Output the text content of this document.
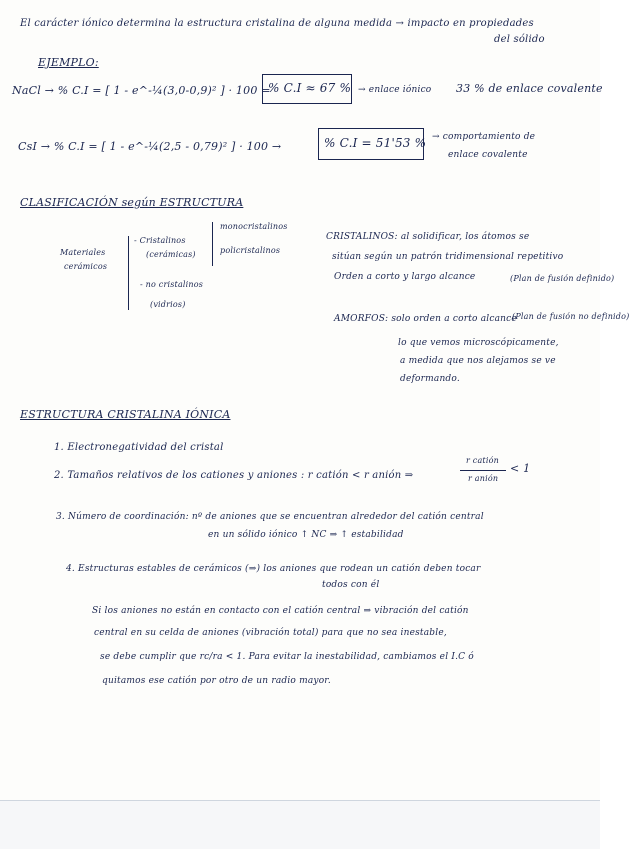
El carácter iónico determina la estructura cristalina de alguna medida → impacto en propiedades
del sólido
EJEMPLO:
NaCl → % C.I = [ 1 - e^-¼(3,0-0,9)² ] · 100 =
% C.I ≈ 67 % → enlace iónico 33 % de enlace covalente
CsI → % C.I = [ 1 - e^-¼(2,5 - 0,79)² ] · 100 →	% C.I = 51'53 % → comportamiento de
enlace covalente
CLASIFICACIÓN según ESTRUCTURA
Materiales
cerámicos
- Cristalinos
(cerámicas)
monocristalinos
policristalinos
- no cristalinos
(vidrios)
CRISTALINOS: al solidificar, los átomos se
sitúan según un patrón tridimensional repetitivo
Orden a corto y largo alcance	(Plan de fusión definido)
AMORFOS: solo orden a corto alcance
(Plan de fusión no definido)
lo que vemos microscópicamente,
a medida que nos alejamos se ve
deformando.
ESTRUCTURA CRISTALINA IÓNICA
1. Electronegatividad del cristal
2. Tamaños relativos de los cationes y aniones : r catión < r anión ⇒
r catión
r anión
< 1
3. Número de coordinación: nº de aniones que se encuentran alrededor del catión central
en un sólido iónico ↑ NC ⇒ ↑ estabilidad
4. Estructuras estables de cerámicos (⇒) los aniones que rodean un catión deben tocar
todos con él
Si los aniones no están en contacto con el catión central ⇒ vibración del catión
central en su celda de aniones (vibración total) para que no sea inestable,
se debe cumplir que rc/ra < 1. Para evitar la inestabilidad, cambiamos el I.C ó
quitamos ese catión por otro de un radio mayor.
